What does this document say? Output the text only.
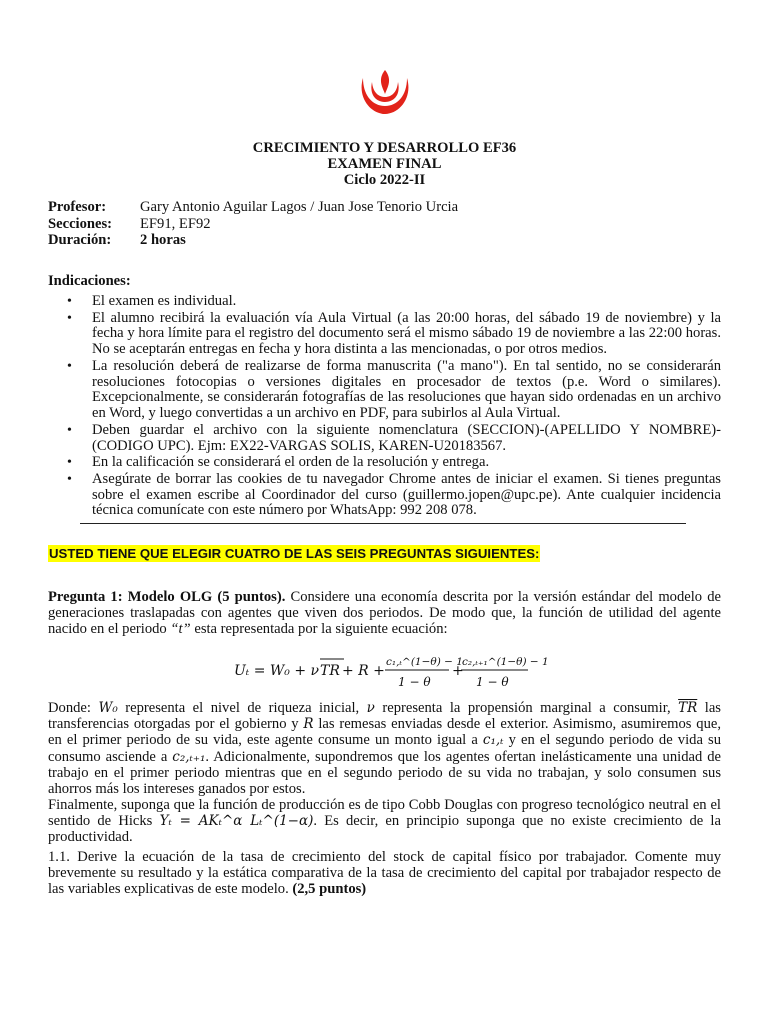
CRECIMIENTO Y DESARROLLO EF36
EXAMEN FINAL
Ciclo 2022-II
Profesor:	Gary Antonio Aguilar Lagos / Juan Jose Tenorio Urcia
Secciones:	EF91, EF92
Duración:	2 horas
Indicaciones:
• El examen es individual.
• El alumno recibirá la evaluación vía Aula Virtual (a las 20:00 horas, del sábado 19 de noviembre) y la fecha y hora límite para el registro del documento será el mismo sábado 19 de noviembre a las 22:00 horas. No se aceptarán entregas en fecha y hora distinta a las mencionadas, o por otros medios.
• La resolución deberá de realizarse de forma manuscrita ("a mano"). En tal sentido, no se considerarán resoluciones fotocopias o versiones digitales en procesador de textos (p.e. Word o similares). Excepcionalmente, se considerarán fotografías de las resoluciones que hayan sido ordenadas en un archivo en Word, y luego convertidas a un archivo en PDF, para subirlos al Aula Virtual.
• Deben guardar el archivo con la siguiente nomenclatura (SECCION)-(APELLIDO Y NOMBRE)-(CODIGO UPC). Ejm: EX22-VARGAS SOLIS, KAREN-U20183567.
• En la calificación se considerará el orden de la resolución y entrega.
• Asegúrate de borrar las cookies de tu navegador Chrome antes de iniciar el examen. Si tienes preguntas sobre el examen escribe al Coordinador del curso (guillermo.jopen@upc.pe). Ante cualquier incidencia técnica comunícate con este número por WhatsApp: 992 208 078.
USTED TIENE QUE ELEGIR CUATRO DE LAS SEIS PREGUNTAS SIGUIENTES:
Pregunta 1: Modelo OLG (5 puntos). Considere una economía descrita por la versión estándar del modelo de generaciones traslapadas con agentes que viven dos periodos. De modo que, la función de utilidad del agente nacido en el periodo “t” esta representada por la siguiente ecuación:
Uₜ = W₀ + ν TR + R +
c₁,ₜ^(1−θ) − 1
1 − θ
+
c₂,ₜ₊₁^(1−θ) − 1
1 − θ
Donde: W₀ representa el nivel de riqueza inicial, ν representa la propensión marginal a consumir, $\overline{TR}$ las transferencias otorgadas por el gobierno y R las remesas enviadas desde el exterior. Asimismo, asumiremos que, en el primer periodo de su vida, este agente consume un monto igual a c₁,ₜ y en el segundo periodo de vida su consumo asciende a c₂,ₜ₊₁. Adicionalmente, supondremos que los agentes ofertan inelásticamente una unidad de trabajo en el primer periodo mientras que en el segundo periodo de su vida no trabajan, y solo consumen sus ahorros más los intereses ganados por estos.
Finalmente, suponga que la función de producción es de tipo Cobb Douglas con progreso tecnológico neutral en el sentido de Hicks Yₜ = AKₜ^α Lₜ^(1−α). Es decir, en principio suponga que no existe crecimiento de la productividad.
1.1. Derive la ecuación de la tasa de crecimiento del stock de capital físico por trabajador. Comente muy brevemente su resultado y la estática comparativa de la tasa de crecimiento del capital por trabajador respecto de las variables explicativas de este modelo. (2,5 puntos)
